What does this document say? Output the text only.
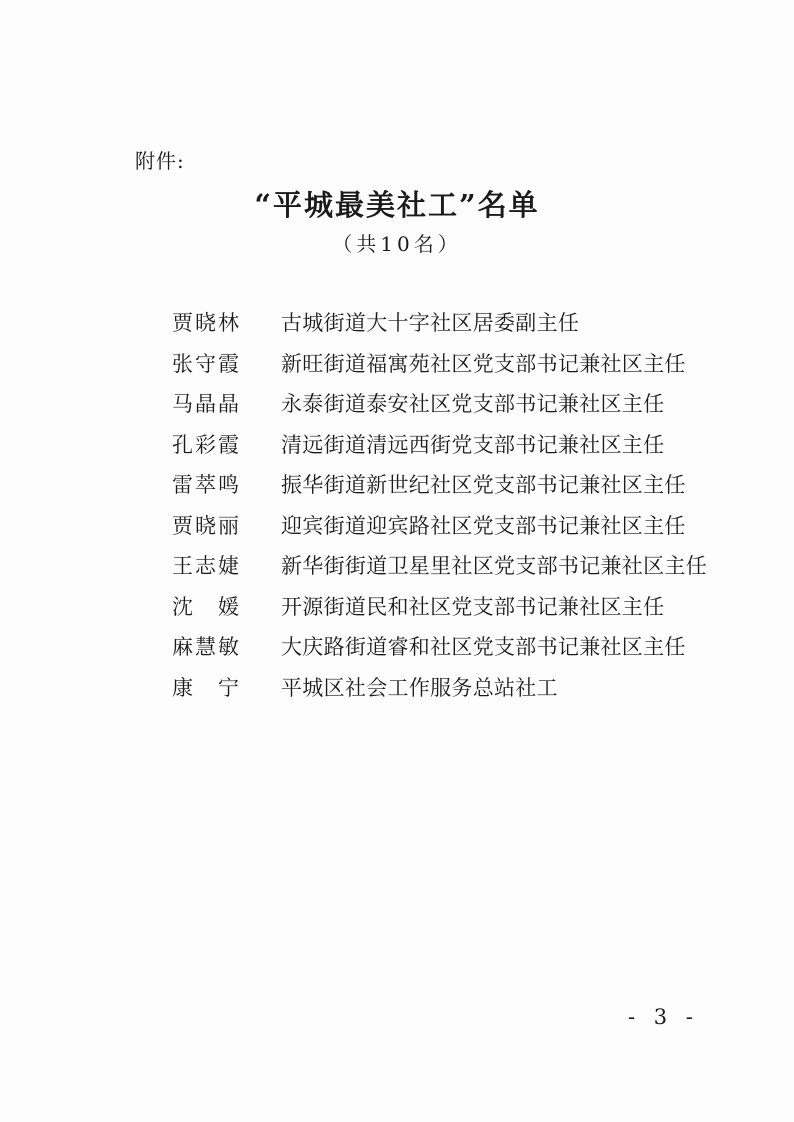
附件:
“平城最美社工”名单
（共10名）
贾晓林 古城街道大十字社区居委副主任
张守霞 新旺街道福寓苑社区党支部书记兼社区主任
马晶晶 永泰街道泰安社区党支部书记兼社区主任
孔彩霞 清远街道清远西街党支部书记兼社区主任
雷萃鸣 振华街道新世纪社区党支部书记兼社区主任
贾晓丽 迎宾街道迎宾路社区党支部书记兼社区主任
王志婕 新华街街道卫星里社区党支部书记兼社区主任
沈媛 开源街道民和社区党支部书记兼社区主任
麻慧敏 大庆路街道睿和社区党支部书记兼社区主任
康宁 平城区社会工作服务总站社工
- 3 -
